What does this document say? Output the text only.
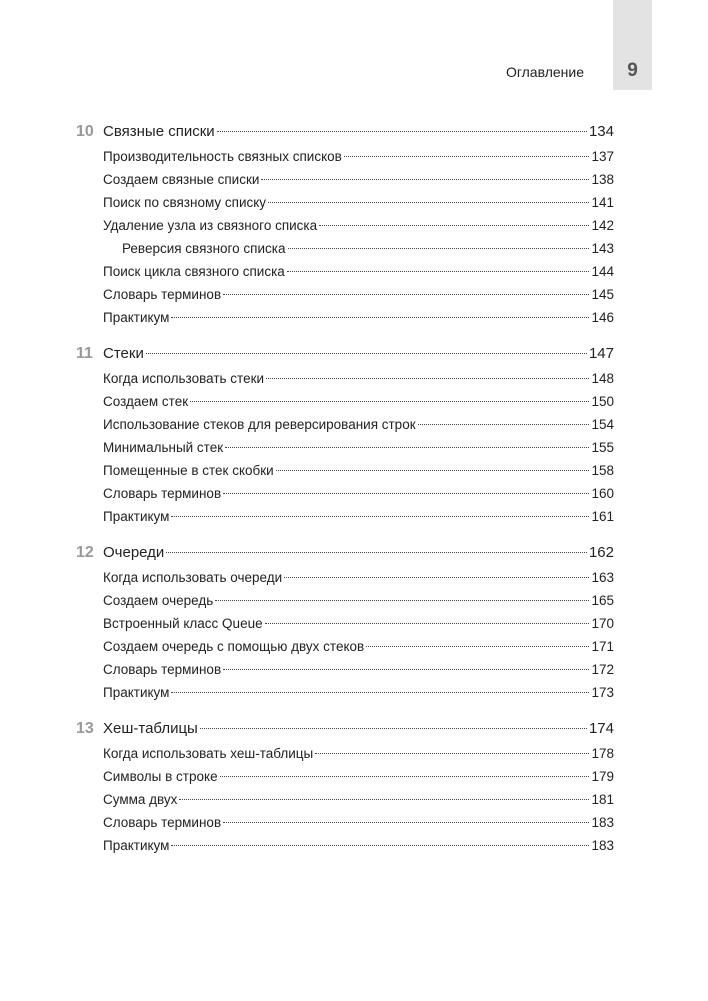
9
Оглавление
10 Связные списки	134
Производительность связных списков	137
Создаем связные списки	138
Поиск по связному списку	141
Удаление узла из связного списка	142
Реверсия связного списка	143
Поиск цикла связного списка	144
Словарь терминов	145
Практикум	146
11 Стеки	147
Когда использовать стеки	148
Создаем стек	150
Использование стеков для реверсирования строк	154
Минимальный стек	155
Помещенные в стек скобки	158
Словарь терминов	160
Практикум	161
12 Очереди	162
Когда использовать очереди	163
Создаем очередь	165
Встроенный класс Queue	170
Создаем очередь с помощью двух стеков	171
Словарь терминов	172
Практикум	173
13 Хеш-таблицы	174
Когда использовать хеш-таблицы	178
Символы в строке	179
Сумма двух	181
Словарь терминов	183
Практикум	183
